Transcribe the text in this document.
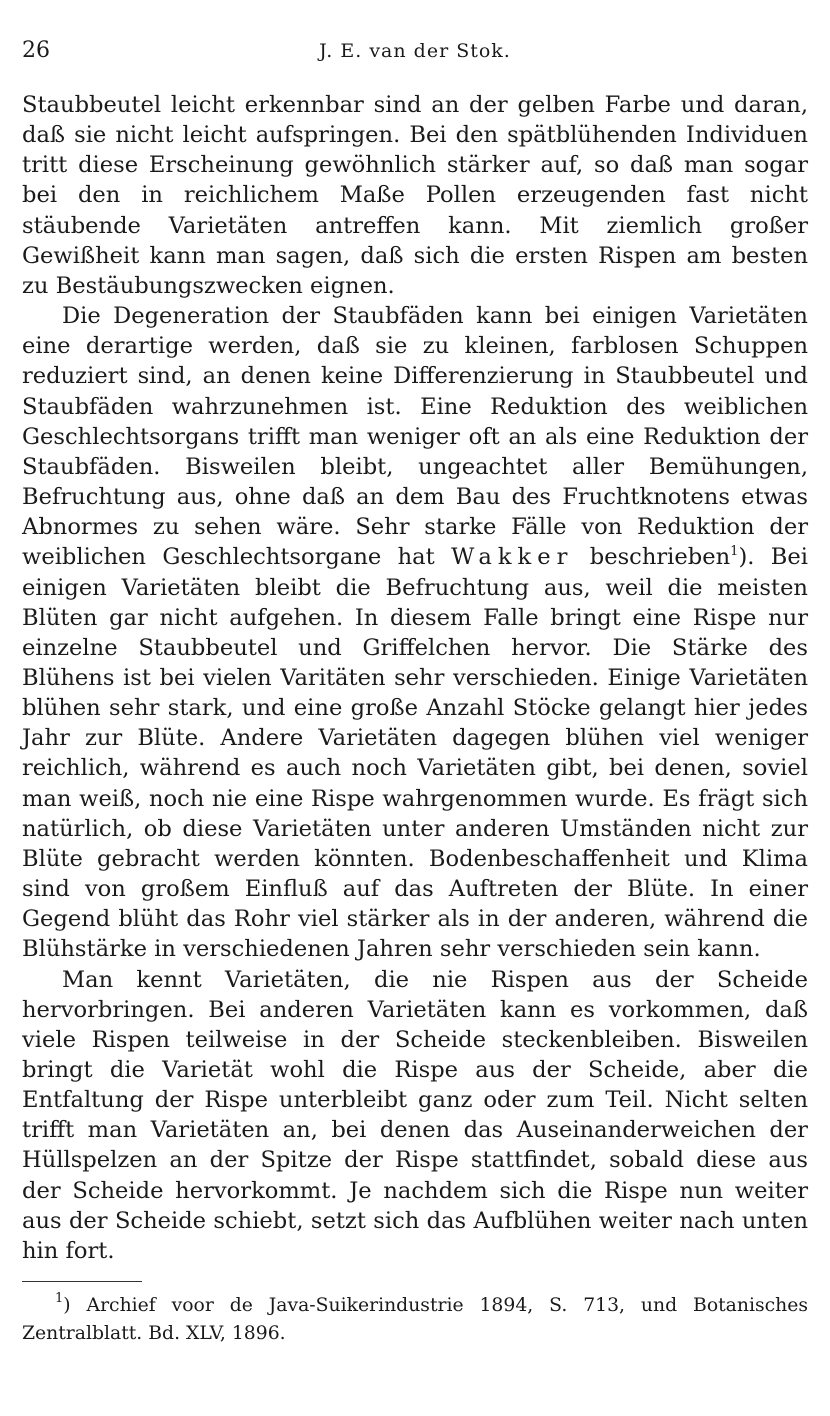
26	J. E. van der Stok.

Staubbeutel leicht erkennbar sind an der gelben Farbe und daran, daß sie nicht leicht aufspringen. Bei den spätblühenden Individuen tritt diese Erscheinung gewöhnlich stärker auf, so daß man sogar bei den in reichlichem Maße Pollen erzeugenden fast nicht stäubende Varietäten antreffen kann. Mit ziemlich großer Gewißheit kann man sagen, daß sich die ersten Rispen am besten zu Bestäubungszwecken eignen.

Die Degeneration der Staubfäden kann bei einigen Varietäten eine derartige werden, daß sie zu kleinen, farblosen Schuppen reduziert sind, an denen keine Differenzierung in Staubbeutel und Staubfäden wahrzunehmen ist. Eine Reduktion des weiblichen Geschlechtsorgans trifft man weniger oft an als eine Reduktion der Staubfäden. Bisweilen bleibt, ungeachtet aller Bemühungen, Befruchtung aus, ohne daß an dem Bau des Fruchtknotens etwas Abnormes zu sehen wäre. Sehr starke Fälle von Reduktion der weiblichen Geschlechtsorgane hat Wakker beschrieben$^1$). Bei einigen Varietäten bleibt die Befruchtung aus, weil die meisten Blüten gar nicht aufgehen. In diesem Falle bringt eine Rispe nur einzelne Staubbeutel und Griffelchen hervor. Die Stärke des Blühens ist bei vielen Varitäten sehr verschieden. Einige Varietäten blühen sehr stark, und eine große Anzahl Stöcke gelangt hier jedes Jahr zur Blüte. Andere Varietäten dagegen blühen viel weniger reichlich, während es auch noch Varietäten gibt, bei denen, soviel man weiß, noch nie eine Rispe wahrgenommen wurde. Es frägt sich natürlich, ob diese Varietäten unter anderen Umständen nicht zur Blüte gebracht werden könnten. Bodenbeschaffenheit und Klima sind von großem Einfluß auf das Auftreten der Blüte. In einer Gegend blüht das Rohr viel stärker als in der anderen, während die Blühstärke in verschiedenen Jahren sehr verschieden sein kann.

Man kennt Varietäten, die nie Rispen aus der Scheide hervorbringen. Bei anderen Varietäten kann es vorkommen, daß viele Rispen teilweise in der Scheide steckenbleiben. Bisweilen bringt die Varietät wohl die Rispe aus der Scheide, aber die Entfaltung der Rispe unterbleibt ganz oder zum Teil. Nicht selten trifft man Varietäten an, bei denen das Auseinanderweichen der Hüllspelzen an der Spitze der Rispe stattfindet, sobald diese aus der Scheide hervorkommt. Je nachdem sich die Rispe nun weiter aus der Scheide schiebt, setzt sich das Aufblühen weiter nach unten hin fort.

$^1$) Archief voor de Java-Suikerindustrie 1894, S. 713, und Botanisches Zentralblatt. Bd. XLV, 1896.
